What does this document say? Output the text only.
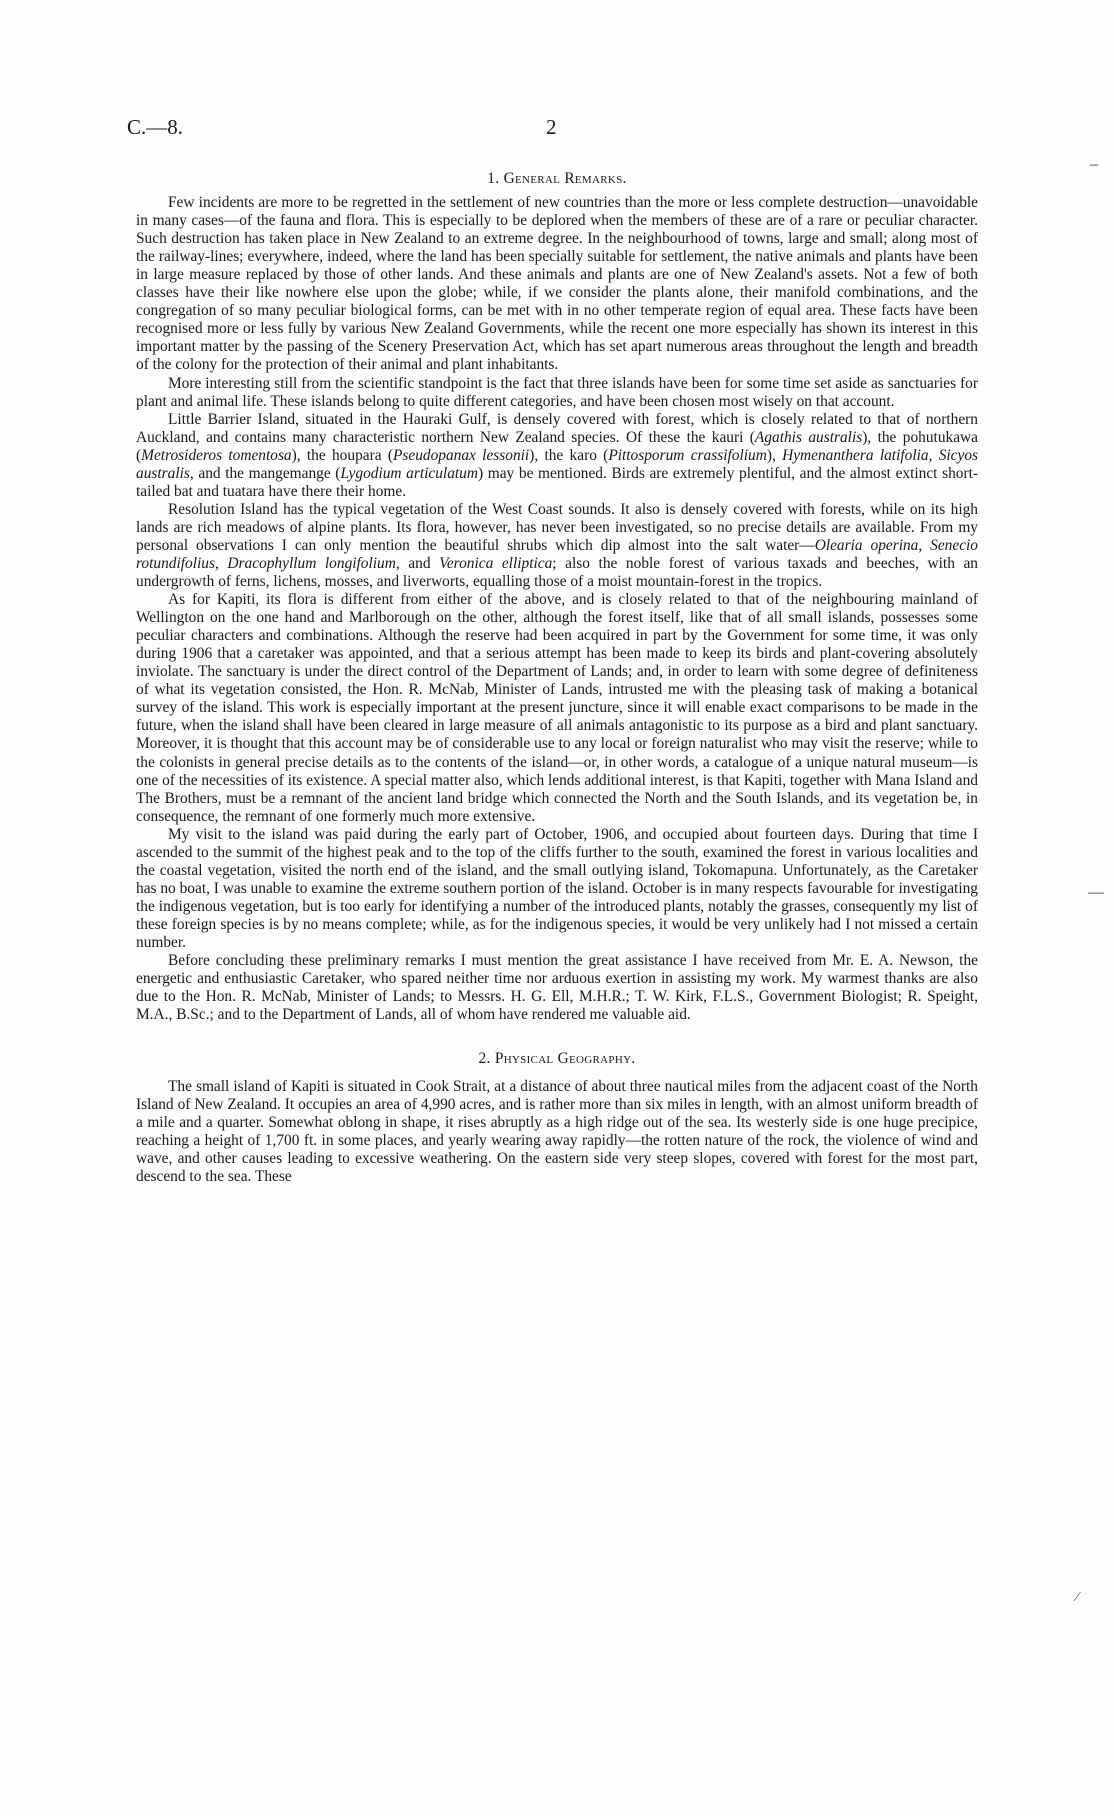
C.—8.	2
–
—
⁄
1. General Remarks.

Few incidents are more to be regretted in the settlement of new countries than the more or less complete destruction—unavoidable in many cases—of the fauna and flora. This is especially to be deplored when the members of these are of a rare or peculiar character. Such destruction has taken place in New Zealand to an extreme degree. In the neighbourhood of towns, large and small; along most of the railway-lines; everywhere, indeed, where the land has been specially suitable for settlement, the native animals and plants have been in large measure replaced by those of other lands. And these animals and plants are one of New Zealand's assets. Not a few of both classes have their like nowhere else upon the globe; while, if we consider the plants alone, their manifold combinations, and the congregation of so many peculiar biological forms, can be met with in no other temperate region of equal area. These facts have been recognised more or less fully by various New Zealand Governments, while the recent one more especially has shown its interest in this important matter by the passing of the Scenery Preservation Act, which has set apart numerous areas throughout the length and breadth of the colony for the protection of their animal and plant inhabitants.

More interesting still from the scientific standpoint is the fact that three islands have been for some time set aside as sanctuaries for plant and animal life. These islands belong to quite different categories, and have been chosen most wisely on that account.

Little Barrier Island, situated in the Hauraki Gulf, is densely covered with forest, which is closely related to that of northern Auckland, and contains many characteristic northern New Zealand species. Of these the kauri (Agathis australis), the pohutukawa (Metrosideros tomentosa), the houpara (Pseudopanax lessonii), the karo (Pittosporum crassifolium), Hymenanthera latifolia, Sicyos australis, and the mangemange (Lygodium articulatum) may be mentioned. Birds are extremely plentiful, and the almost extinct short-tailed bat and tuatara have there their home.

Resolution Island has the typical vegetation of the West Coast sounds. It also is densely covered with forests, while on its high lands are rich meadows of alpine plants. Its flora, however, has never been investigated, so no precise details are available. From my personal observations I can only mention the beautiful shrubs which dip almost into the salt water—Olearia operina, Senecio rotundifolius, Dracophyllum longifolium, and Veronica elliptica; also the noble forest of various taxads and beeches, with an undergrowth of ferns, lichens, mosses, and liverworts, equalling those of a moist mountain-forest in the tropics.

As for Kapiti, its flora is different from either of the above, and is closely related to that of the neighbouring mainland of Wellington on the one hand and Marlborough on the other, although the forest itself, like that of all small islands, possesses some peculiar characters and combinations. Although the reserve had been acquired in part by the Government for some time, it was only during 1906 that a caretaker was appointed, and that a serious attempt has been made to keep its birds and plant-covering absolutely inviolate. The sanctuary is under the direct control of the Department of Lands; and, in order to learn with some degree of definiteness of what its vegetation consisted, the Hon. R. McNab, Minister of Lands, intrusted me with the pleasing task of making a botanical survey of the island. This work is especially important at the present juncture, since it will enable exact comparisons to be made in the future, when the island shall have been cleared in large measure of all animals antagonistic to its purpose as a bird and plant sanctuary. Moreover, it is thought that this account may be of considerable use to any local or foreign naturalist who may visit the reserve; while to the colonists in general precise details as to the contents of the island—or, in other words, a catalogue of a unique natural museum—is one of the necessities of its existence. A special matter also, which lends additional interest, is that Kapiti, together with Mana Island and The Brothers, must be a remnant of the ancient land bridge which connected the North and the South Islands, and its vegetation be, in consequence, the remnant of one formerly much more extensive.

My visit to the island was paid during the early part of October, 1906, and occupied about fourteen days. During that time I ascended to the summit of the highest peak and to the top of the cliffs further to the south, examined the forest in various localities and the coastal vegetation, visited the north end of the island, and the small outlying island, Tokomapuna. Unfortunately, as the Caretaker has no boat, I was unable to examine the extreme southern portion of the island. October is in many respects favourable for investigating the indigenous vegetation, but is too early for identifying a number of the introduced plants, notably the grasses, consequently my list of these foreign species is by no means complete; while, as for the indigenous species, it would be very unlikely had I not missed a certain number.

Before concluding these preliminary remarks I must mention the great assistance I have received from Mr. E. A. Newson, the energetic and enthusiastic Caretaker, who spared neither time nor arduous exertion in assisting my work. My warmest thanks are also due to the Hon. R. McNab, Minister of Lands; to Messrs. H. G. Ell, M.H.R.; T. W. Kirk, F.L.S., Government Biologist; R. Speight, M.A., B.Sc.; and to the Department of Lands, all of whom have rendered me valuable aid.

2. Physical Geography.

The small island of Kapiti is situated in Cook Strait, at a distance of about three nautical miles from the adjacent coast of the North Island of New Zealand. It occupies an area of 4,990 acres, and is rather more than six miles in length, with an almost uniform breadth of a mile and a quarter. Somewhat oblong in shape, it rises abruptly as a high ridge out of the sea. Its westerly side is one huge precipice, reaching a height of 1,700 ft. in some places, and yearly wearing away rapidly—the rotten nature of the rock, the violence of wind and wave, and other causes leading to excessive weathering. On the eastern side very steep slopes, covered with forest for the most part, descend to the sea. These
